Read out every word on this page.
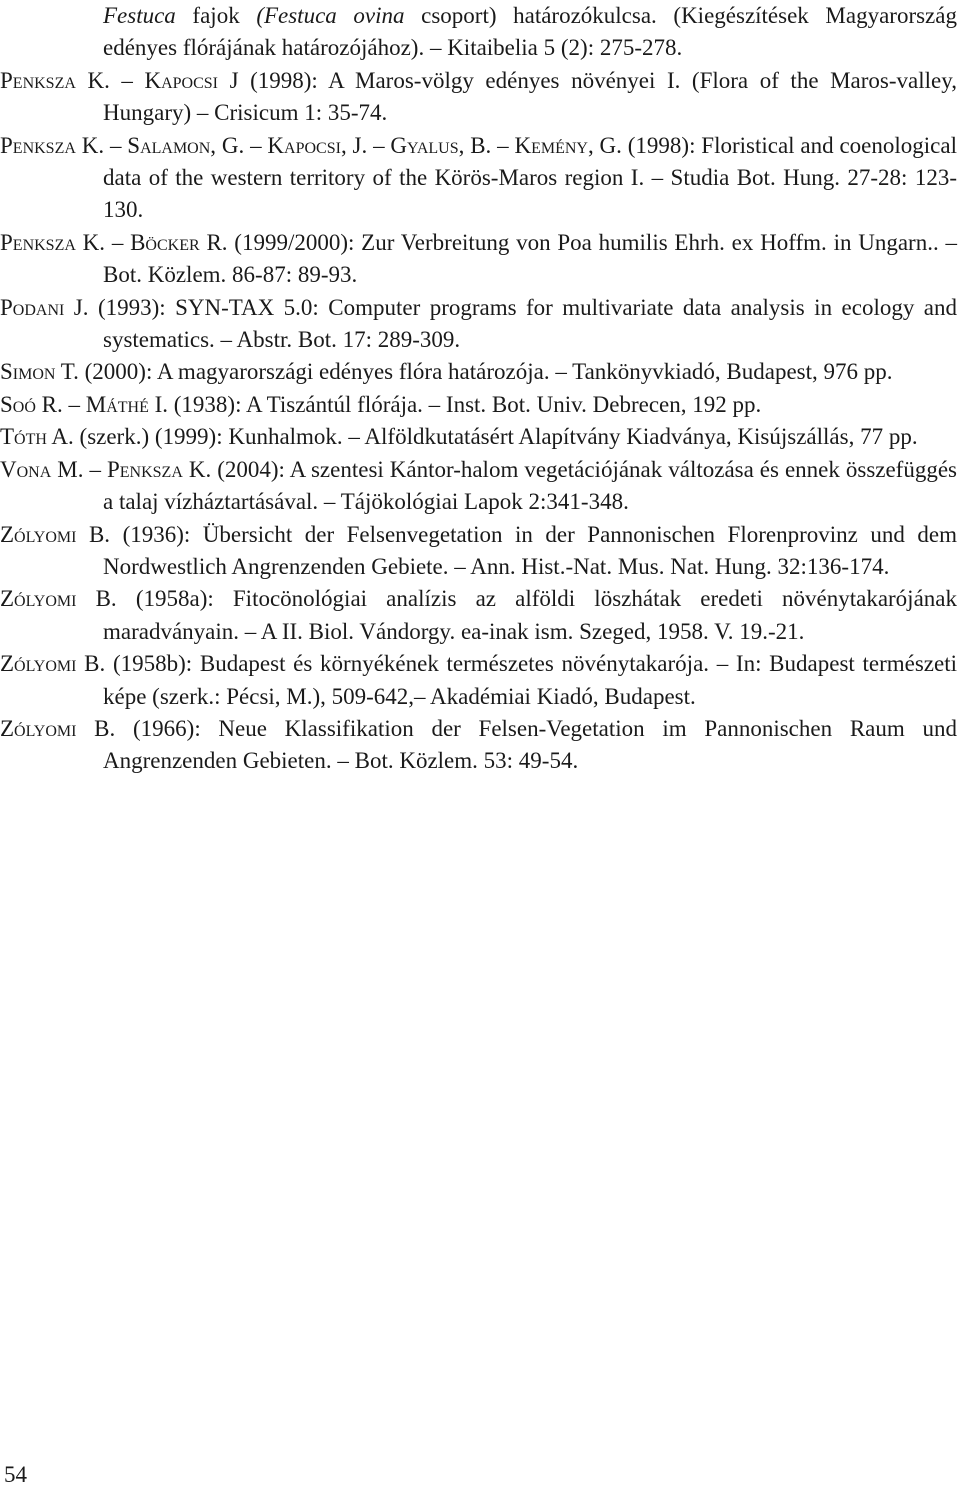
Festuca fajok (Festuca ovina csoport) határozókulcsa. (Kiegészítések Magyarország edényes flórájának határozójához). – Kitaibelia 5 (2): 275-278.

Penksza K. – Kapocsi J (1998): A Maros-völgy edényes növényei I. (Flora of the Maros-valley, Hungary) – Crisicum 1: 35-74.

Penksza K. – Salamon, G. – Kapocsi, J. – Gyalus, B. – Kemény, G. (1998): Floristical and coenological data of the western territory of the Körös-Maros region I. – Studia Bot. Hung. 27-28: 123-130.

Penksza K. – Böcker R. (1999/2000): Zur Verbreitung von Poa humilis Ehrh. ex Hoffm. in Ungarn.. – Bot. Közlem. 86-87: 89-93.

Podani J. (1993): SYN-TAX 5.0: Computer programs for multivariate data analysis in ecology and systematics. – Abstr. Bot. 17: 289-309.

Simon T. (2000): A magyarországi edényes flóra határozója. – Tankönyvkiadó, Budapest, 976 pp.

Soó R. – Máthé I. (1938): A Tiszántúl flórája. – Inst. Bot. Univ. Debrecen, 192 pp.

Tóth A. (szerk.) (1999): Kunhalmok. – Alföldkutatásért Alapítvány Kiadványa, Kisújszállás, 77 pp.

Vona M. – Penksza K. (2004): A szentesi Kántor-halom vegetációjának változása és ennek összefüggés a talaj vízháztartásával. – Tájökológiai Lapok 2:341-348.

Zólyomi B. (1936): Übersicht der Felsenvegetation in der Pannonischen Florenprovinz und dem Nordwestlich Angrenzenden Gebiete. – Ann. Hist.-Nat. Mus. Nat. Hung. 32:136-174.

Zólyomi B. (1958a): Fitocönológiai analízis az alföldi löszhátak eredeti növénytakarójának maradványain. – A II. Biol. Vándorgy. ea-inak ism. Szeged, 1958. V. 19.-21.

Zólyomi B. (1958b): Budapest és környékének természetes növénytakarója. – In: Budapest természeti képe (szerk.: Pécsi, M.), 509-642,– Akadémiai Kiadó, Budapest.

Zólyomi B. (1966): Neue Klassifikation der Felsen-Vegetation im Pannonischen Raum und Angrenzenden Gebieten. – Bot. Közlem. 53: 49-54.

54
